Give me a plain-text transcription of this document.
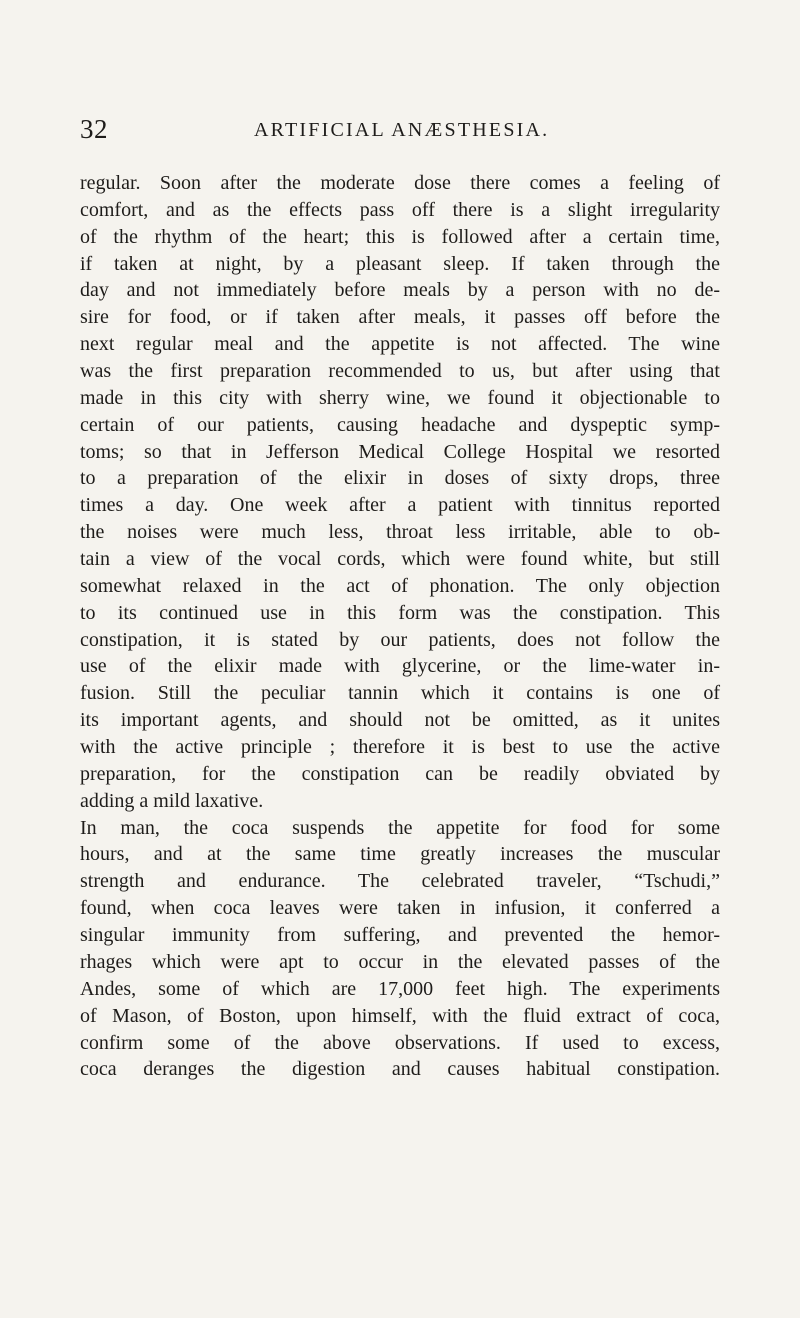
32	ARTIFICIAL ANÆSTHESIA.
regular. Soon after the moderate dose there comes a feeling of
comfort, and as the effects pass off there is a slight irregularity
of the rhythm of the heart; this is followed after a certain time,
if taken at night, by a pleasant sleep. If taken through the
day and not immediately before meals by a person with no de-
sire for food, or if taken after meals, it passes off before the
next regular meal and the appetite is not affected. The wine
was the first preparation recommended to us, but after using that
made in this city with sherry wine, we found it objectionable to
certain of our patients, causing headache and dyspeptic symp-
toms; so that in Jefferson Medical College Hospital we resorted
to a preparation of the elixir in doses of sixty drops, three
times a day. One week after a patient with tinnitus reported
the noises were much less, throat less irritable, able to ob-
tain a view of the vocal cords, which were found white, but still
somewhat relaxed in the act of phonation. The only objection
to its continued use in this form was the constipation. This
constipation, it is stated by our patients, does not follow the
use of the elixir made with glycerine, or the lime-water in-
fusion. Still the peculiar tannin which it contains is one of
its important agents, and should not be omitted, as it unites
with the active principle ; therefore it is best to use the active
preparation, for the constipation can be readily obviated by
adding a mild laxative.
In man, the coca suspends the appetite for food for some
hours, and at the same time greatly increases the muscular
strength and endurance. The celebrated traveler, “Tschudi,”
found, when coca leaves were taken in infusion, it conferred a
singular immunity from suffering, and prevented the hemor-
rhages which were apt to occur in the elevated passes of the
Andes, some of which are 17,000 feet high. The experiments
of Mason, of Boston, upon himself, with the fluid extract of coca,
confirm some of the above observations. If used to excess,
coca deranges the digestion and causes habitual constipation.
